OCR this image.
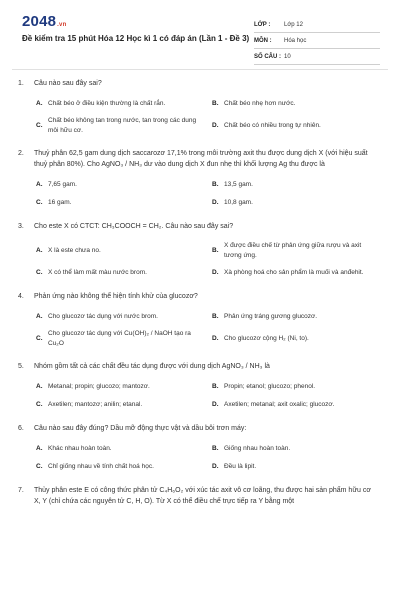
2048.vn
Đề kiểm tra 15 phút Hóa 12 Học kì 1 có đáp án (Lần 1 - Đề 3)
LỚP :	Lớp 12
MÔN :	Hóa học
SỐ CÂU : 10
1.	Câu nào sau đây sai?
A. Chất béo ở điều kiện thường là chất rắn.	B. Chất béo nhẹ hơn nước.
C.
Chất béo không tan trong nước, tan trong các dung môi hữu cơ.
D. Chất béo có nhiều trong tự nhiên.
2.	Thuỷ phân 62,5 gam dung dịch saccarozơ 17,1% trong môi trường axit thu được dung dịch X (với hiệu suất thuỷ phân 80%). Cho AgNO₃ / NH₃ dư vào dung dịch X đun nhẹ thì khối lượng Ag thu được là
A. 7,65 gam.	B. 13,5 gam.
C. 16 gam.	D. 10,8 gam.
3.	Cho este X có CTCT: CH₃COOCH = CH₂. Câu nào sau đây sai?
A. X là este chưa no.	B.
X được điều chế từ phản ứng giữa rượu và axit tương ứng.
C. X có thể làm mất màu nước brom.	D. Xà phòng hoá cho sản phẩm là muối và anđehit.
4.	Phản ứng nào không thể hiện tính khử của glucozơ?
A. Cho glucozơ tác dụng với nước brom.	B. Phản ứng tráng gương glucozơ.
C.
Cho glucozơ tác dụng với Cu(OH)₂ / NaOH tạo ra Cu₂O
D. Cho glucozơ cộng H₂ (Ni, to).
5.	Nhóm gồm tất cả các chất đều tác dụng được với dung dịch AgNO₃ / NH₃ là
A. Metanal; propin; glucozo; mantozơ.	B. Propin; etanol; glucozo; phenol.
C. Axetilen; mantozơ; anilin; etanal.	D. Axetilen; metanal; axit oxalic; glucozơ.
6.	Câu nào sau đây đúng? Dầu mỡ động thực vật và dầu bôi trơn máy:
A. Khác nhau hoàn toàn.	B. Giống nhau hoàn toàn.
C. Chỉ giống nhau về tính chất hoá học.	D. Đều là lipit.
7.	Thủy phân este E có công thức phân tử C₄H₆O₂ với xúc tác axit vô cơ loãng, thu được hai sản phẩm hữu cơ X, Y (chỉ chứa các nguyên tử C, H, O). Từ X có thể điều chế trực tiếp ra Y bằng một
